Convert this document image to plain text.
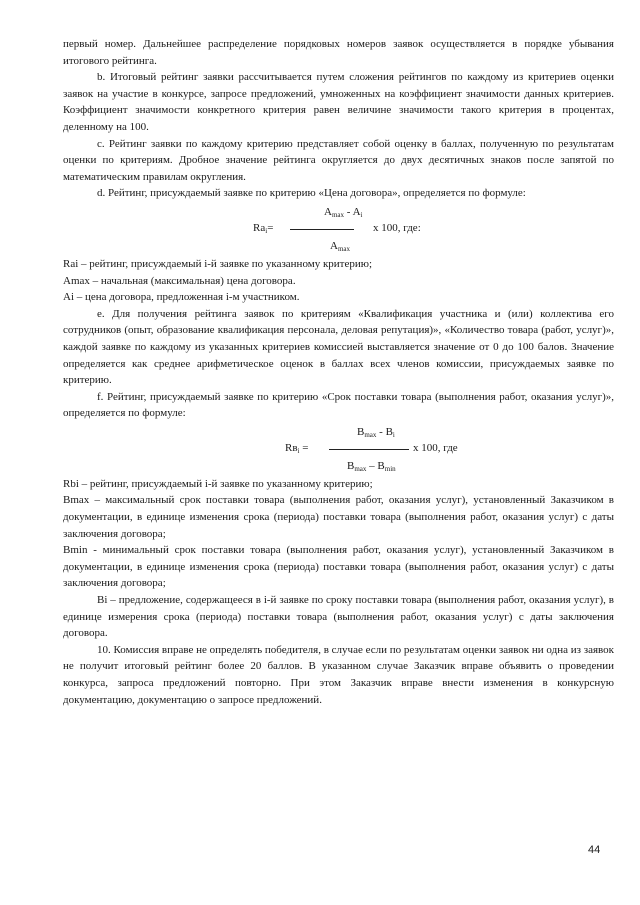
первый номер. Дальнейшее распределение порядковых номеров заявок осуществляется в порядке убывания итогового рейтинга.

b. Итоговый рейтинг заявки рассчитывается путем сложения рейтингов по каждому из критериев оценки заявок на участие в конкурсе, запросе предложений, умноженных на коэффициент значимости данных критериев. Коэффициент значимости конкретного критерия равен величине значимости такого критерия в процентах, деленному на 100.

c. Рейтинг заявки по каждому критерию представляет собой оценку в баллах, полученную по результатам оценки по критериям. Дробное значение рейтинга округляется до двух десятичных знаков после запятой по математическим правилам округления.

d. Рейтинг, присуждаемый заявке по критерию «Цена договора», определяется по формуле:

$Ra_i=$
$A_{max} - A_i$
$A_{max}$
x 100, где:

Rai – рейтинг, присуждаемый i-й заявке по указанному критерию;

Amax – начальная (максимальная) цена договора.

Ai – цена договора, предложенная i-м участником.

e. Для получения рейтинга заявок по критериям «Квалификация участника и (или) коллектива его сотрудников (опыт, образование квалификация персонала, деловая репутация)», «Количество товара (работ, услуг)», каждой заявке по каждому из указанных критериев комиссией выставляется значение от 0 до 100 балов. Значение определяется как среднее арифметическое оценок в баллах всех членов комиссии, присуждаемых заявке по критерию.

f. Рейтинг, присуждаемый заявке по критерию «Срок поставки товара (выполнения работ, оказания услуг)», определяется по формуле:

$Rв_i$ =
$B_{max} - B_i$
$B_{max} - B_{min}$
x 100, где

Rbi – рейтинг, присуждаемый i-й заявке по указанному критерию;

Bmax – максимальный срок поставки товара (выполнения работ, оказания услуг), установленный Заказчиком в документации, в единице изменения срока (периода) поставки товара (выполнения работ, оказания услуг) с даты заключения договора;

Bmin - минимальный срок поставки товара (выполнения работ, оказания услуг), установленный Заказчиком в документации, в единице изменения срока (периода) поставки товара (выполнения работ, оказания услуг) с даты заключения договора;

Bi – предложение, содержащееся в i-й заявке по сроку поставки товара (выполнения работ, оказания услуг), в единице измерения срока (периода) поставки товара (выполнения работ, оказания услуг) с даты заключения договора.

10. Комиссия вправе не определять победителя, в случае если по результатам оценки заявок ни одна из заявок не получит итоговый рейтинг более 20 баллов. В указанном случае Заказчик вправе объявить о проведении конкурса, запроса предложений повторно. При этом Заказчик вправе внести изменения в конкурсную документацию, документацию о запросе предложений.

44
